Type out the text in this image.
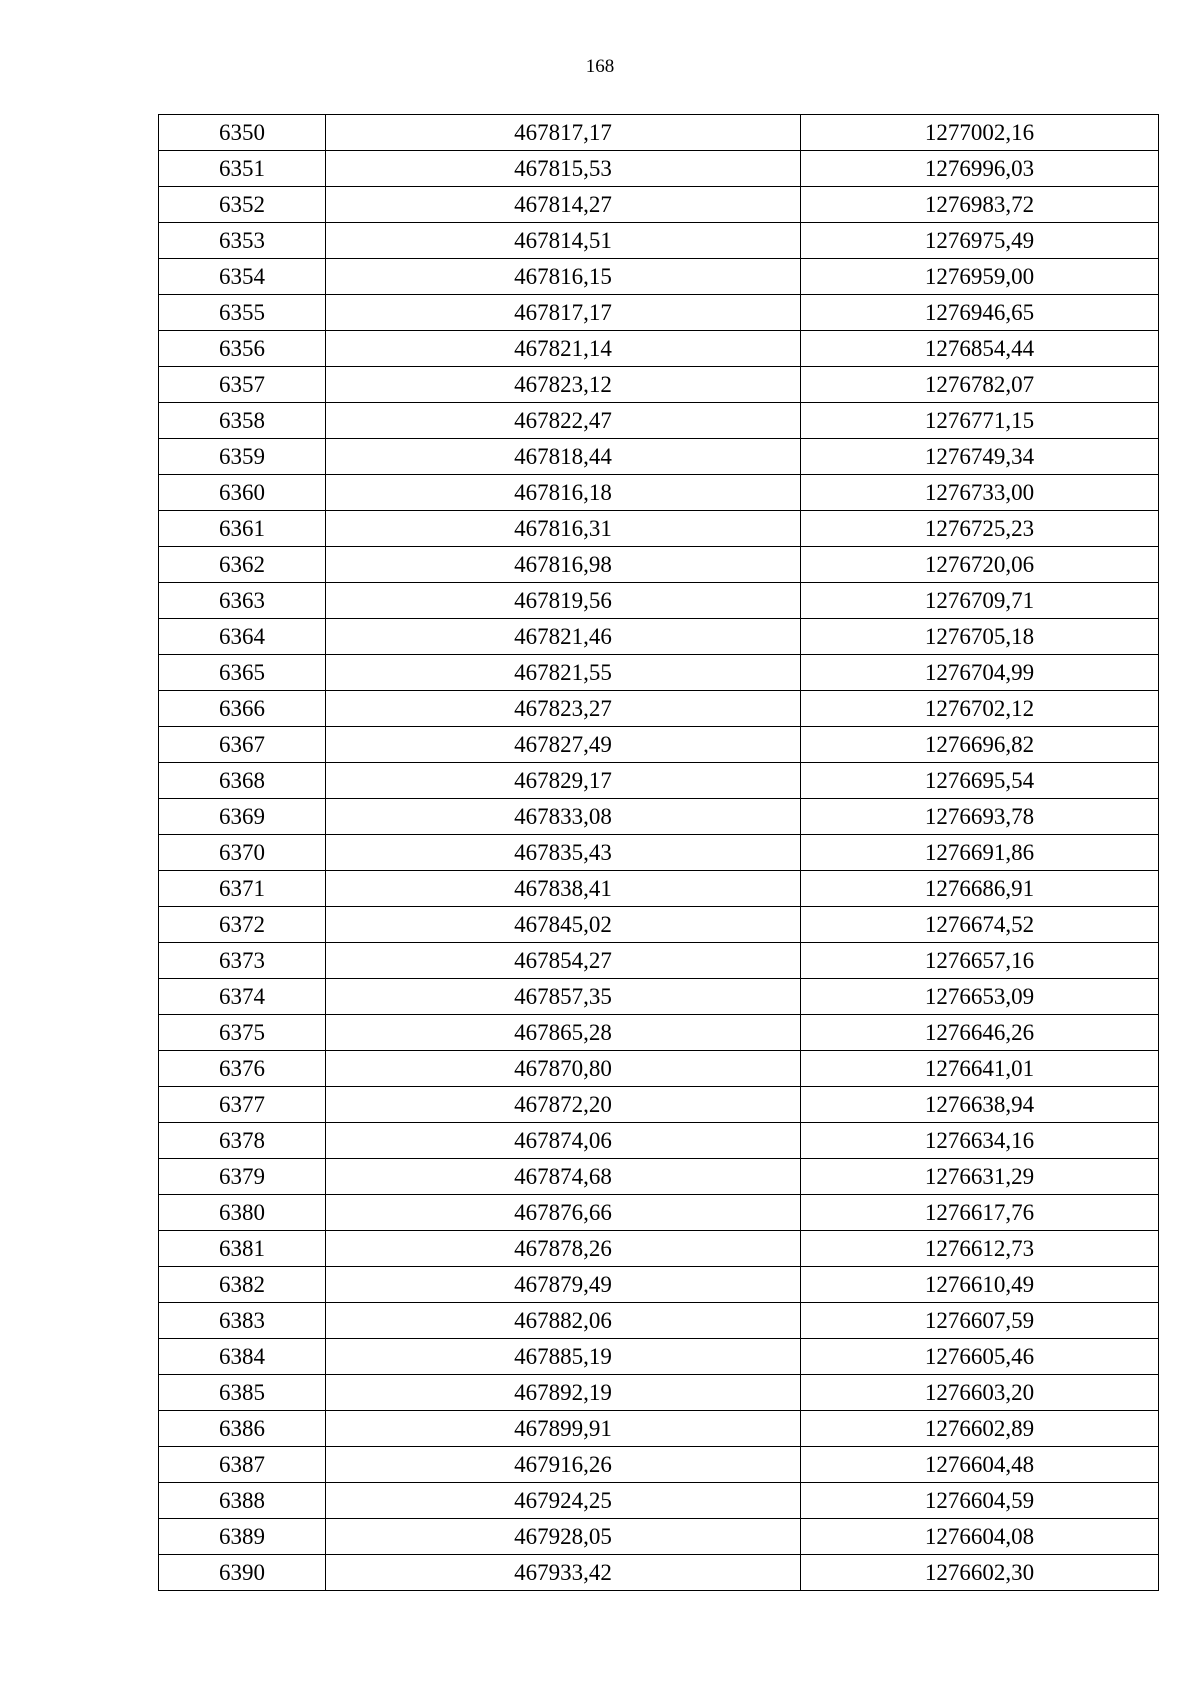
168
6350	467817,17	1277002,16
6351	467815,53	1276996,03
6352	467814,27	1276983,72
6353	467814,51	1276975,49
6354	467816,15	1276959,00
6355	467817,17	1276946,65
6356	467821,14	1276854,44
6357	467823,12	1276782,07
6358	467822,47	1276771,15
6359	467818,44	1276749,34
6360	467816,18	1276733,00
6361	467816,31	1276725,23
6362	467816,98	1276720,06
6363	467819,56	1276709,71
6364	467821,46	1276705,18
6365	467821,55	1276704,99
6366	467823,27	1276702,12
6367	467827,49	1276696,82
6368	467829,17	1276695,54
6369	467833,08	1276693,78
6370	467835,43	1276691,86
6371	467838,41	1276686,91
6372	467845,02	1276674,52
6373	467854,27	1276657,16
6374	467857,35	1276653,09
6375	467865,28	1276646,26
6376	467870,80	1276641,01
6377	467872,20	1276638,94
6378	467874,06	1276634,16
6379	467874,68	1276631,29
6380	467876,66	1276617,76
6381	467878,26	1276612,73
6382	467879,49	1276610,49
6383	467882,06	1276607,59
6384	467885,19	1276605,46
6385	467892,19	1276603,20
6386	467899,91	1276602,89
6387	467916,26	1276604,48
6388	467924,25	1276604,59
6389	467928,05	1276604,08
6390	467933,42	1276602,30
